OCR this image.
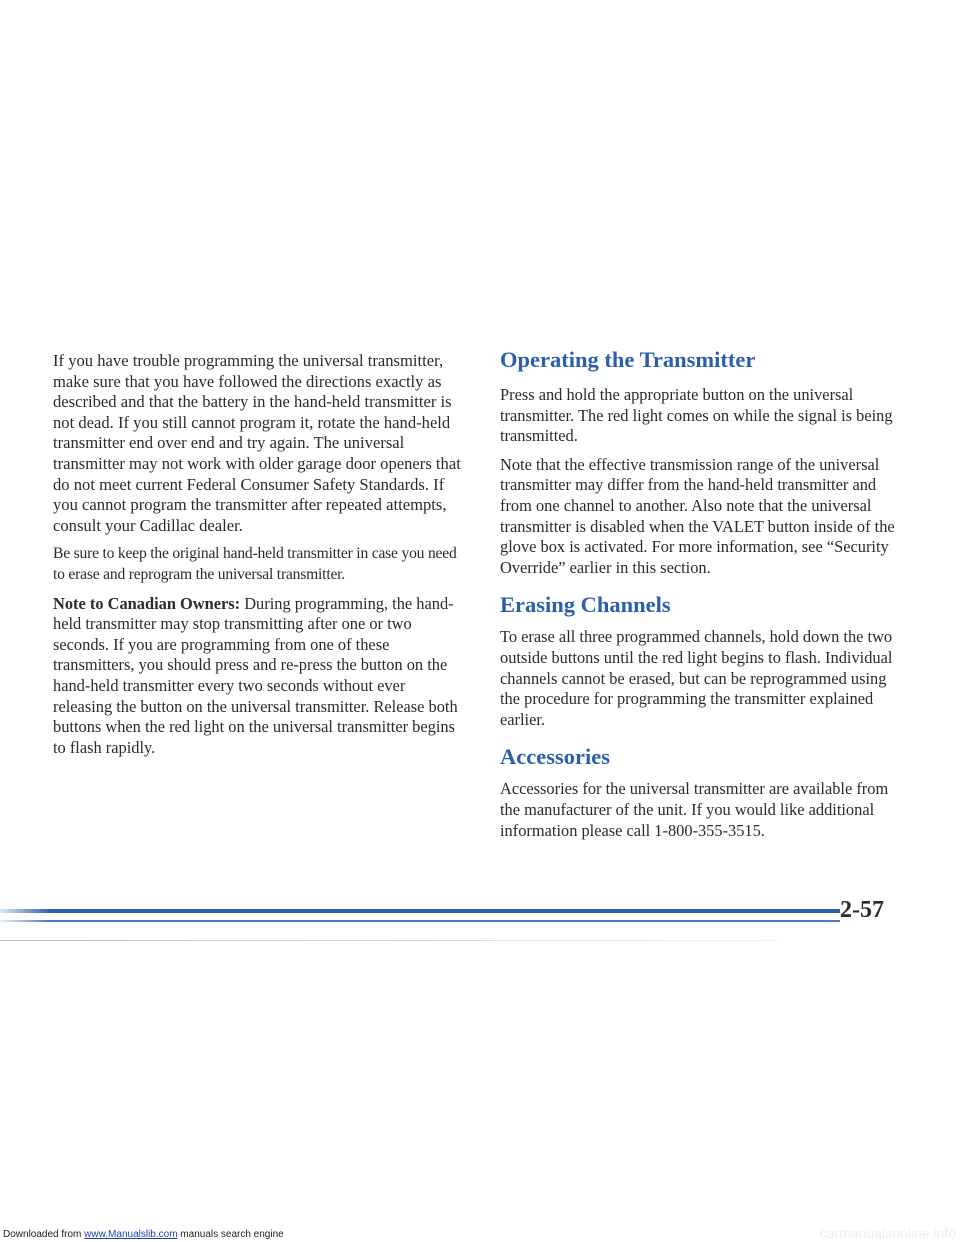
If you have trouble programming the universal transmitter, make sure that you have followed the directions exactly as described and that the battery in the hand-held transmitter is not dead. If you still cannot program it, rotate the hand-held transmitter end over end and try again. The universal transmitter may not work with older garage door openers that do not meet current Federal Consumer Safety Standards. If you cannot program the transmitter after repeated attempts, consult your Cadillac dealer.

Be sure to keep the original hand-held transmitter in case you need to erase and reprogram the universal transmitter.

Note to Canadian Owners: During programming, the hand-held transmitter may stop transmitting after one or two seconds. If you are programming from one of these transmitters, you should press and re-press the button on the hand-held transmitter every two seconds without ever releasing the button on the universal transmitter. Release both buttons when the red light on the universal transmitter begins to flash rapidly.

Operating the Transmitter

Press and hold the appropriate button on the universal transmitter. The red light comes on while the signal is being transmitted.

Note that the effective transmission range of the universal transmitter may differ from the hand-held transmitter and from one channel to another. Also note that the universal transmitter is disabled when the VALET button inside of the glove box is activated. For more information, see “Security Override” earlier in this section.

Erasing Channels

To erase all three programmed channels, hold down the two outside buttons until the red light begins to flash. Individual channels cannot be erased, but can be reprogrammed using the procedure for programming the transmitter explained earlier.

Accessories

Accessories for the universal transmitter are available from the manufacturer of the unit. If you would like additional information please call 1-800-355-3515.

2-57
Downloaded from www.Manualslib.com manuals search engine	carmanualsonline.info
